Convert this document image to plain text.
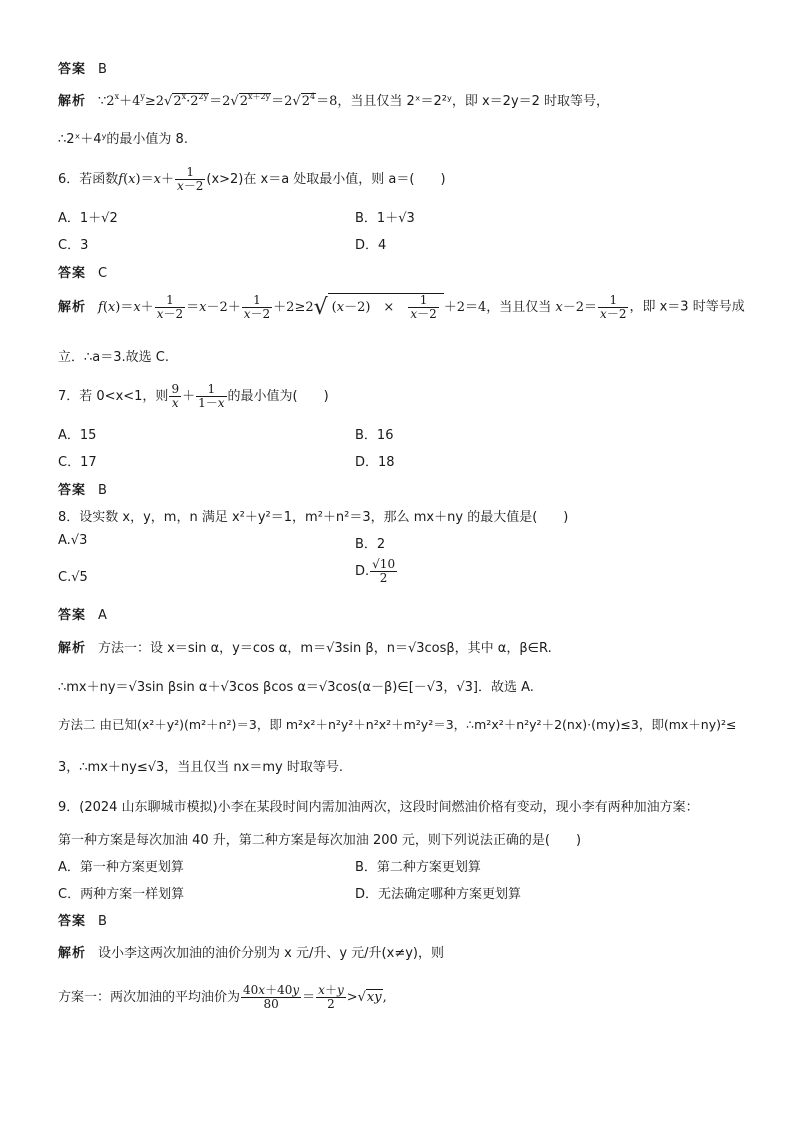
答案 B
解析 $\because 2^x+4^y\ge 2√2^x\cdot 2^{2y}=2√2^{x+2y}=2√2^4=8$，当且仅当 2ˣ＝2²ʸ，即 x＝2y＝2 时取等号，
∴2ˣ＋4ʸ的最小值为 8.
6．若函数$f(x)=x+ \frac{1}{x-2} (x>2)$在 x＝a 处取最小值，则 a＝(　　)
A．1＋√2	B．1＋√3
C．3	D．4
答案 C
解析 $f(x)=x+ \frac{1}{x-2} =x-2+ \frac{1}{x-2} +2\ge 2√$ (x－2)　×　 $\frac{1}{x-2} +2=4$，当且仅当 $x-2= \frac{1}{x-2}$ ，即 x＝3 时等号成
立．∴a＝3.故选 C.
7．若 0<x<1，则 $\frac{9}{x} + \frac{1}{1-x}$ 的最小值为(　　)
A．15	B．16
C．17	D．18
答案 B
8．设实数 x，y，m，n 满足 x²＋y²＝1，m²＋n²＝3，那么 mx＋ny 的最大值是(　　)
A.√3	B．2
C.√5	D. $\frac{√10}{2}$
答案 A
解析 方法一：设 x＝sin α，y＝cos α，m＝√3sin β，n＝√3cosβ，其中 α，β∈R.
∴mx＋ny＝√3sin βsin α＋√3cos βcos α＝√3cos(α－β)∈[－√3，√3]．故选 A.
方法二 由已知(x²＋y²)(m²＋n²)＝3，即 m²x²＋n²y²＋n²x²＋m²y²＝3，∴m²x²＋n²y²＋2(nx)·(my)≤3，即(mx＋ny)²≤
3，∴mx＋ny≤√3，当且仅当 nx＝my 时取等号.
9．(2024 山东聊城市模拟)小李在某段时间内需加油两次，这段时间燃油价格有变动，现小李有两种加油方案：
第一种方案是每次加油 40 升，第二种方案是每次加油 200 元，则下列说法正确的是(　　)
A．第一种方案更划算	B．第二种方案更划算
C．两种方案一样划算	D．无法确定哪种方案更划算
答案 B
解析 设小李这两次加油的油价分别为 x 元/升、y 元/升(x≠y)，则
方案一：两次加油的平均油价为 $\frac{40x+40y}{80} = \frac{x+y}{2} >√xy$,
